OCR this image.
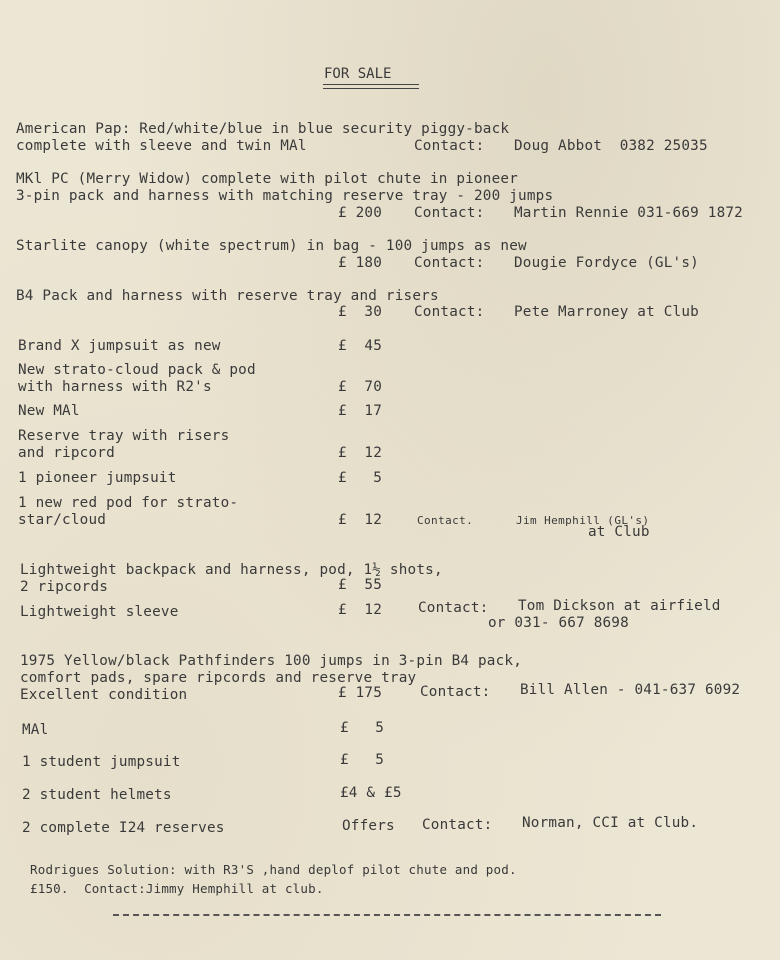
FOR SALE
American Pap: Red/white/blue in blue security piggy-back
complete with sleeve and twin MAl	Contact: Doug Abbot  0382 25035
MKl PC (Merry Widow) complete with pilot chute in pioneer
3-pin pack and harness with matching reserve tray - 200 jumps
£ 200 Contact: Martin Rennie 031-669 1872
Starlite canopy (white spectrum) in bag - 100 jumps as new
£ 180 Contact: Dougie Fordyce (GL's)
B4 Pack and harness with reserve tray and risers
£  30 Contact: Pete Marroney at Club
Brand X jumpsuit as new	£  45
New strato-cloud pack & pod
with harness with R2's	£  70
New MAl	£  17
Reserve tray with risers
and ripcord	£  12
1 pioneer jumpsuit	£   5
1 new red pod for strato-
star/cloud	£  12	Contact.	Jim Hemphill (GL's)
at Club
Lightweight backpack and harness, pod, 1½ shots,
2 ripcords	£  55
Lightweight sleeve	£  12	Contact: Tom Dickson at airfield
or 031- 667 8698
1975 Yellow/black Pathfinders 100 jumps in 3-pin B4 pack,
comfort pads, spare ripcords and reserve tray
Excellent condition	£ 175	Contact: Bill Allen - 041-637 6092
MAl	£   5
1 student jumpsuit	£   5
2 student helmets	£4 & £5
2 complete I24 reserves	Offers Contact: Norman, CCI at Club.
Rodrigues Solution: with R3'S ,hand deplof pilot chute and pod.
£150.  Contact:Jimmy Hemphill at club.
